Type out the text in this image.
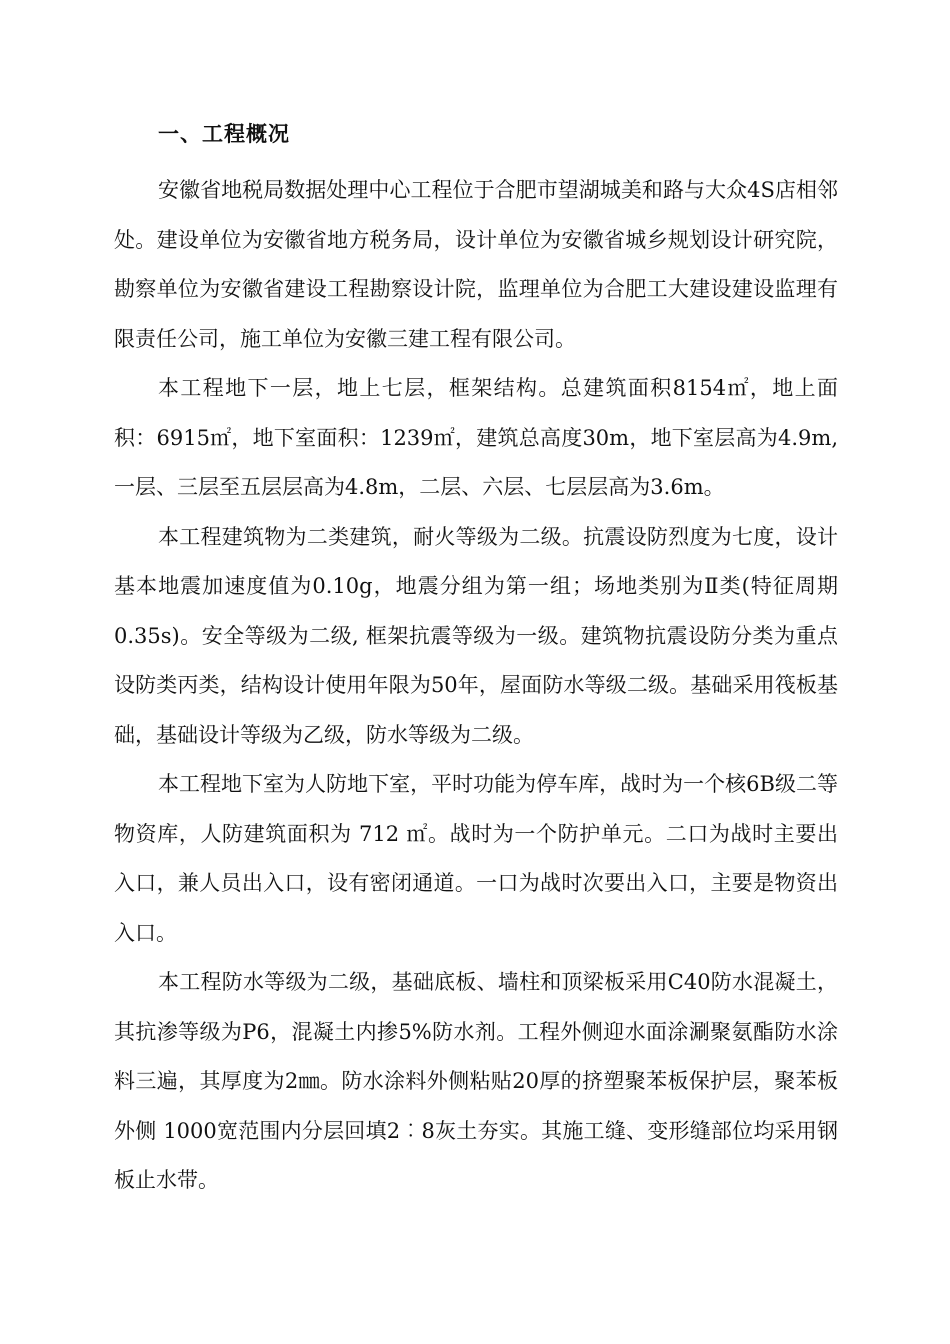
一、工程概况

安徽省地税局数据处理中心工程位于合肥市望湖城美和路与大众4S店相邻处。建设单位为安徽省地方税务局，设计单位为安徽省城乡规划设计研究院，勘察单位为安徽省建设工程勘察设计院，监理单位为合肥工大建设建设监理有限责任公司，施工单位为安徽三建工程有限公司。

本工程地下一层，地上七层，框架结构。总建筑面积8154㎡，地上面积：6915㎡，地下室面积：1239㎡，建筑总高度30m，地下室层高为4.9m,一层、三层至五层层高为4.8m，二层、六层、七层层高为3.6m。

本工程建筑物为二类建筑，耐火等级为二级。抗震设防烈度为七度，设计基本地震加速度值为0.10g，地震分组为第一组；场地类别为Ⅱ类(特征周期0.35s)。安全等级为二级, 框架抗震等级为一级。建筑物抗震设防分类为重点设防类丙类，结构设计使用年限为50年，屋面防水等级二级。基础采用筏板基础，基础设计等级为乙级，防水等级为二级。

本工程地下室为人防地下室，平时功能为停车库，战时为一个核6B级二等物资库，人防建筑面积为 712 ㎡。战时为一个防护单元。二口为战时主要出入口，兼人员出入口，设有密闭通道。一口为战时次要出入口，主要是物资出入口。

本工程防水等级为二级，基础底板、墙柱和顶梁板采用C40防水混凝土，其抗渗等级为P6，混凝土内掺5%防水剂。工程外侧迎水面涂涮聚氨酯防水涂料三遍，其厚度为2㎜。防水涂料外侧粘贴20厚的挤塑聚苯板保护层，聚苯板外侧 1000宽范围内分层回填2︰8灰土夯实。其施工缝、变形缝部位均采用钢板止水带。
